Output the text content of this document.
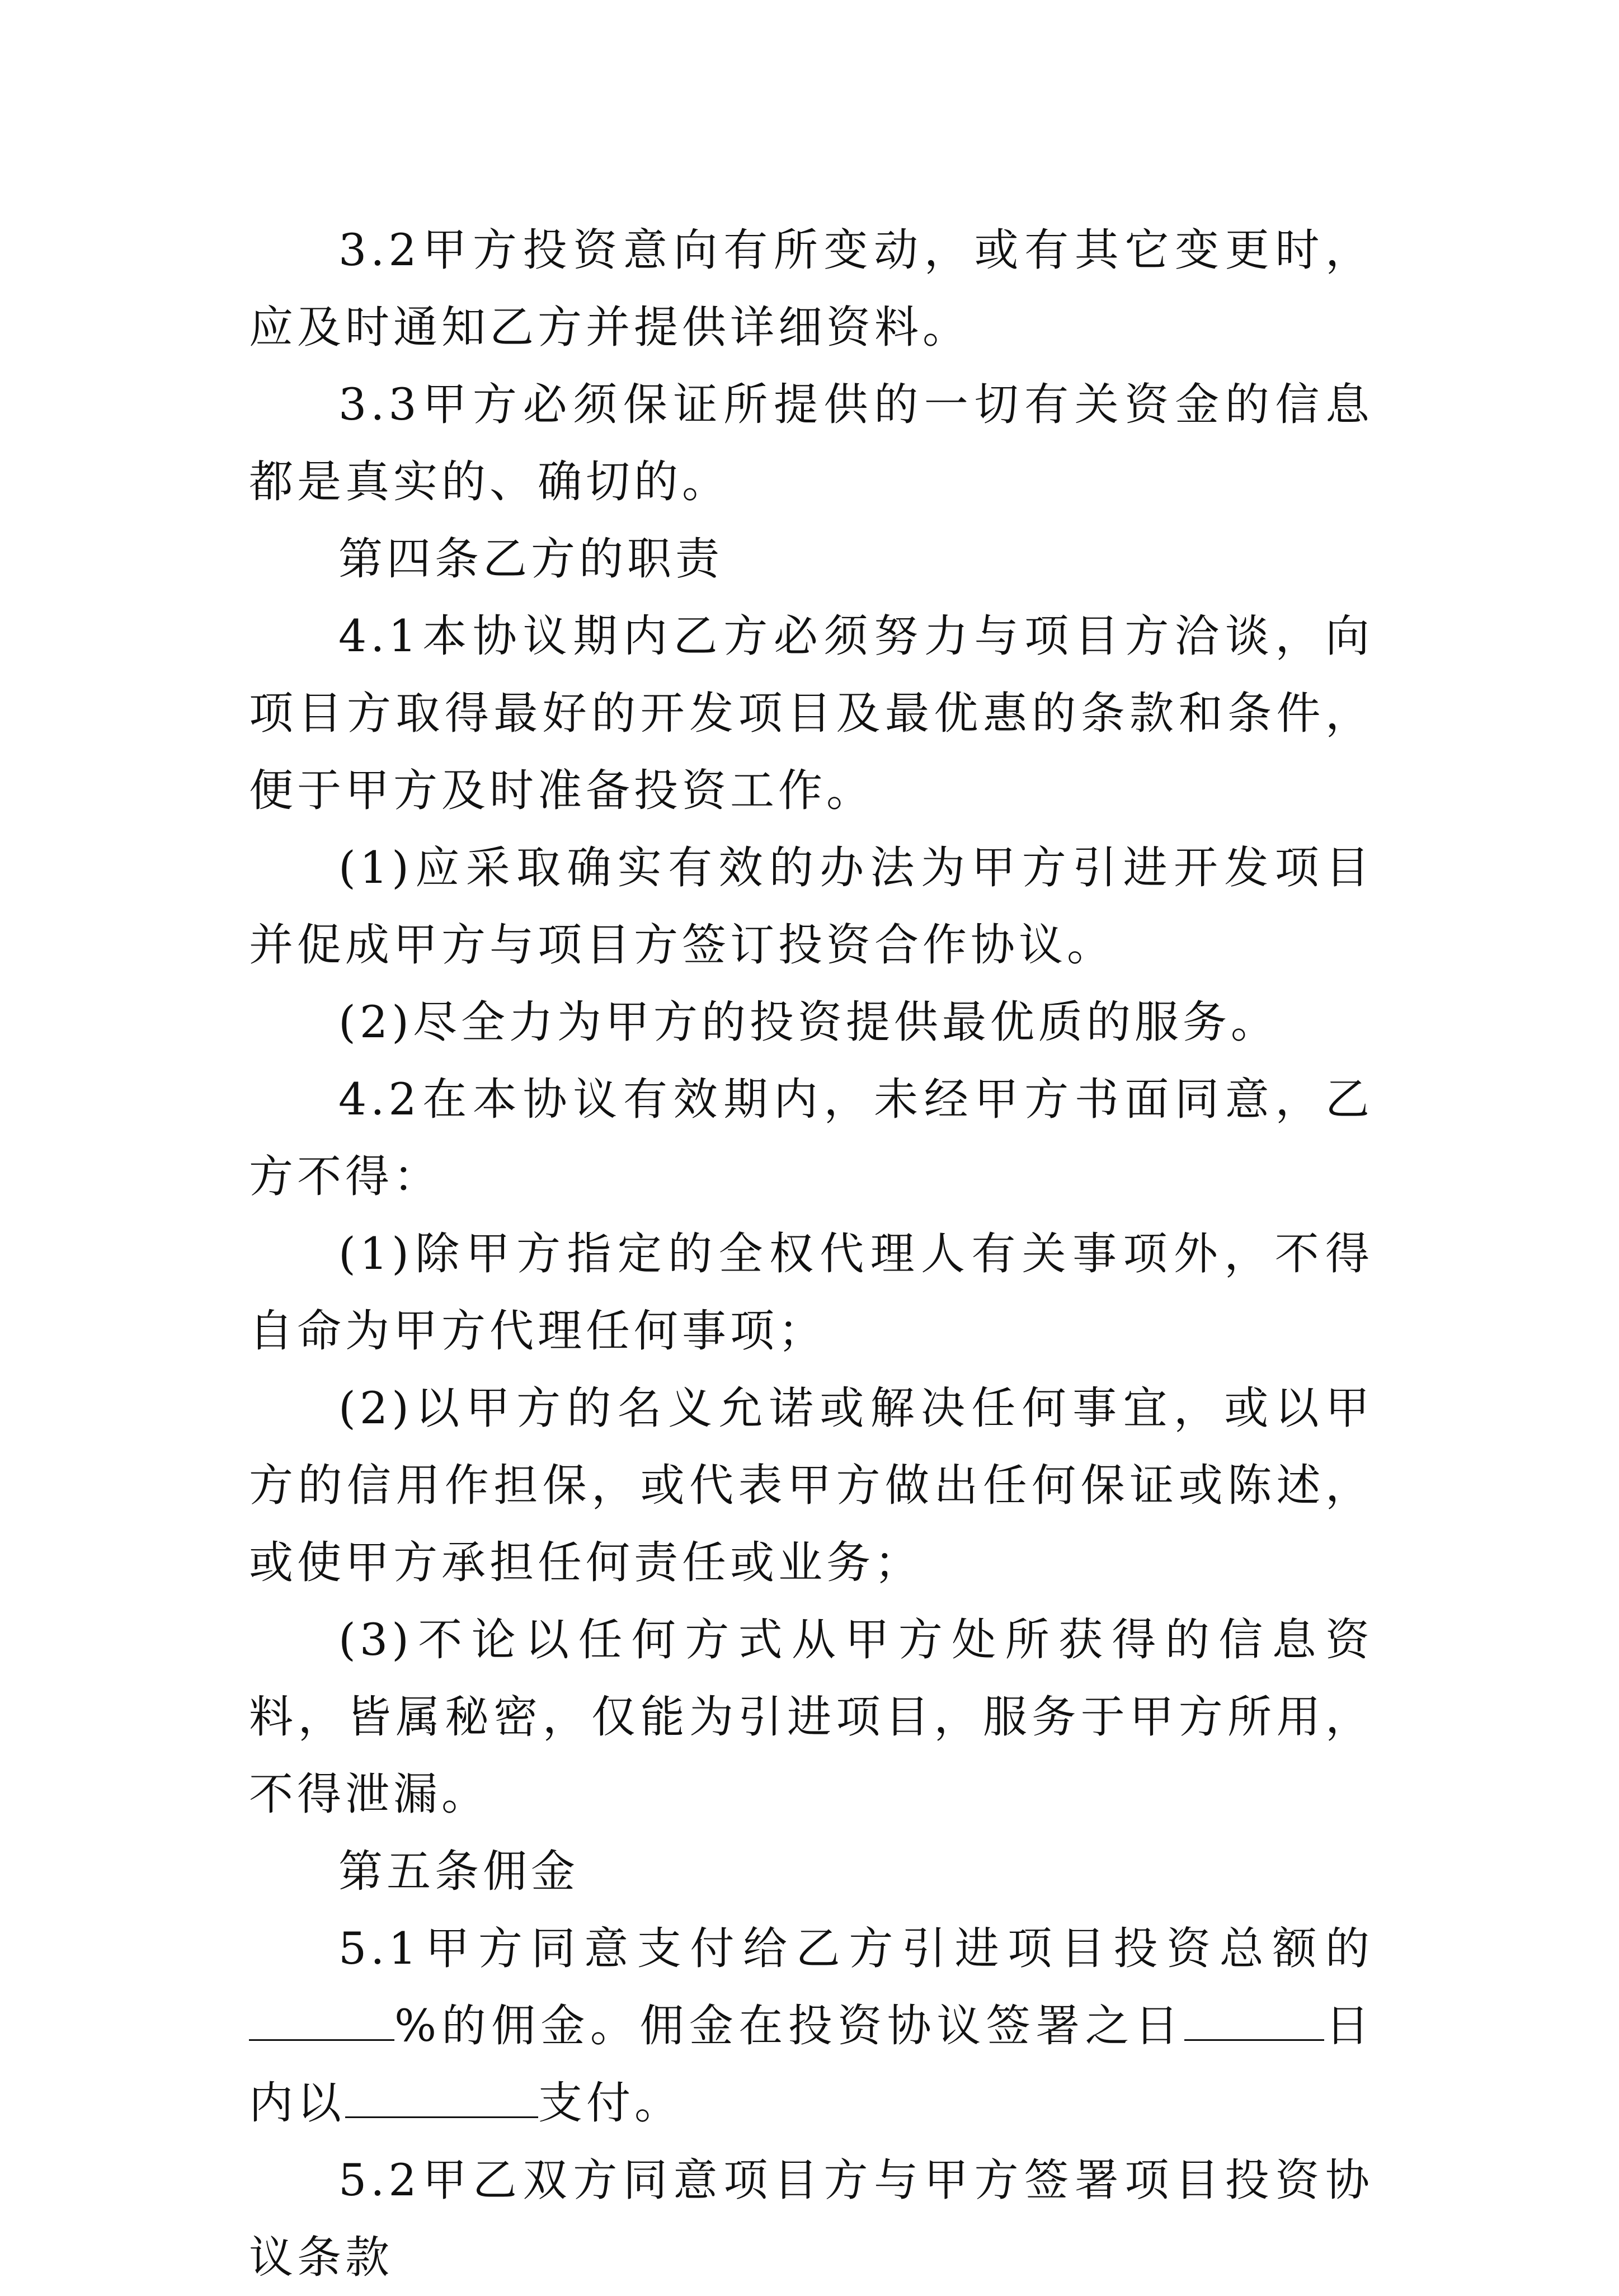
3.2甲方投资意向有所变动，或有其它变更时，应及时通知乙方并提供详细资料。

3.3甲方必须保证所提供的一切有关资金的信息都是真实的、确切的。

第四条乙方的职责

4.1本协议期内乙方必须努力与项目方洽谈，向项目方取得最好的开发项目及最优惠的条款和条件，便于甲方及时准备投资工作。

(1)应采取确实有效的办法为甲方引进开发项目并促成甲方与项目方签订投资合作协议。

(2)尽全力为甲方的投资提供最优质的服务。

4.2在本协议有效期内，未经甲方书面同意，乙方不得：

(1)除甲方指定的全权代理人有关事项外，不得自命为甲方代理任何事项；

(2)以甲方的名义允诺或解决任何事宜，或以甲方的信用作担保，或代表甲方做出任何保证或陈述，或使甲方承担任何责任或业务；

(3)不论以任何方式从甲方处所获得的信息资料，皆属秘密，仅能为引进项目，服务于甲方所用，不得泄漏。

第五条佣金

5.1甲方同意支付给乙方引进项目投资总额的%的佣金。佣金在投资协议签署之日	日内以	支付。

5.2甲乙双方同意项目方与甲方签署项目投资协议条款
